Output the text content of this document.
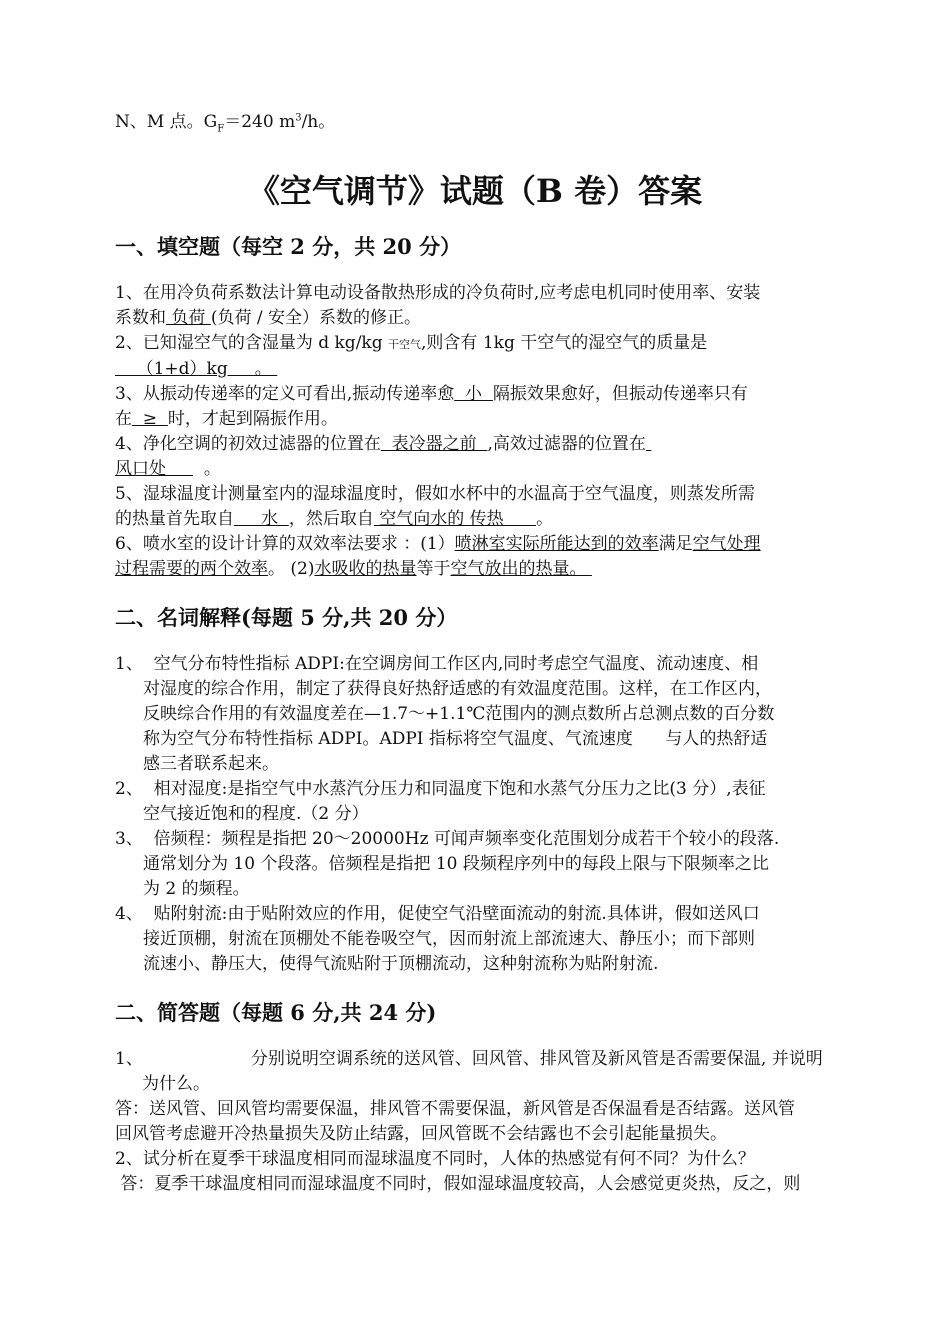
N、M 点。$G_F=240$ $m^3/h$。
《空气调节》试题（B 卷）答案
一、填空题（每空 2 分，共 20 分）
1、在用冷负荷系数法计算电动设备散热形成的冷负荷时,应考虑电机同时使用率、安装
系数和 负荷 (负荷 / 安全）系数的修正。
2、已知湿空气的含湿量为 d kg/kg 干空气,则含有 1kg 干空气的湿空气的质量是
（1+d）kg     。
3、从振动传递率的定义可看出,振动传递率愈  小  隔振效果愈好，但振动传递率只有
在  ≥  时，才起到隔振作用。
4、净化空调的初效过滤器的位置在  表冷器之前  ,高效过滤器的位置在
风口处       。
5、湿球温度计测量室内的湿球温度时，假如水杯中的水温高于空气温度，则蒸发所需
的热量首先取自     水  ，然后取自 空气向水的 传热      。
6、喷水室的设计计算的双效率法要求 ：(1）喷淋室实际所能达到的效率满足空气处理
过程需要的两个效率。 (2)水吸收的热量等于空气放出的热量。
二、名词解释(每题 5 分,共 20 分）
1、  空气分布特性指标 ADPI:在空调房间工作区内,同时考虑空气温度、流动速度、相
对湿度的综合作用，制定了获得良好热舒适感的有效温度范围。这样，在工作区内，
反映综合作用的有效温度差在—1.7～+1.1℃范围内的测点数所占总测点数的百分数
称为空气分布特性指标 ADPI。ADPI 指标将空气温度、气流速度      与人的热舒适
感三者联系起来。
2、  相对湿度:是指空气中水蒸汽分压力和同温度下饱和水蒸气分压力之比(3 分）,表征
空气接近饱和的程度.（2 分）
3、  倍频程：频程是指把 20～20000Hz 可闻声频率变化范围划分成若干个较小的段落.
通常划分为 10 个段落。倍频程是指把 10 段频程序列中的每段上限与下限频率之比
为 2 的频程。
4、  贴附射流:由于贴附效应的作用，促使空气沿壁面流动的射流.具体讲，假如送风口
接近顶棚，射流在顶棚处不能卷吸空气，因而射流上部流速大、静压小；而下部则
流速小、静压大，使得气流贴附于顶棚流动，这种射流称为贴附射流.
二、简答题（每题 6 分,共 24 分)
1、                    分别说明空调系统的送风管、回风管、排风管及新风管是否需要保温, 并说明
为什么。
答：送风管、回风管均需要保温，排风管不需要保温，新风管是否保温看是否结露。送风管
回风管考虑避开冷热量损失及防止结露，回风管既不会结露也不会引起能量损失。
2、试分析在夏季干球温度相同而湿球温度不同时，人体的热感觉有何不同？为什么？
答：夏季干球温度相同而湿球温度不同时，假如湿球温度较高，人会感觉更炎热，反之，则
